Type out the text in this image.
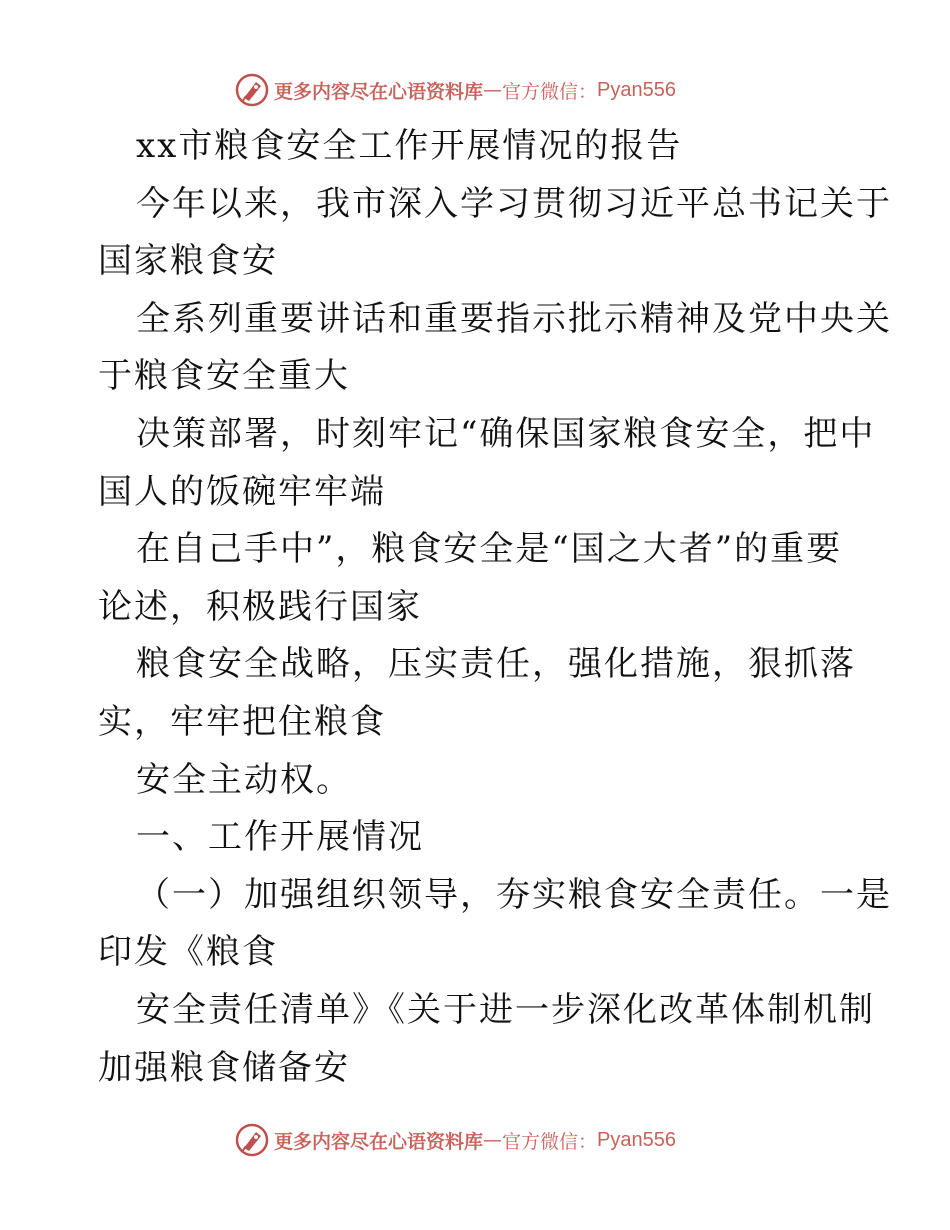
更多内容尽在心语资料库 — 官方微信： Pyan556
xx市粮食安全工作开展情况的报告
今年以来，我市深入学习贯彻习近平总书记关于
国家粮食安
全系列重要讲话和重要指示批示精神及党中央关
于粮食安全重大
决策部署，时刻牢记“确保国家粮食安全，把中
国人的饭碗牢牢端
在自己手中”，粮食安全是“国之大者”的重要
论述，积极践行国家
粮食安全战略，压实责任，强化措施，狠抓落
实，牢牢把住粮食
安全主动权。
一、工作开展情况
（一）加强组织领导，夯实粮食安全责任。一是
印发《粮食
安全责任清单》《关于进一步深化改革体制机制
加强粮食储备安
更多内容尽在心语资料库 — 官方微信： Pyan556
